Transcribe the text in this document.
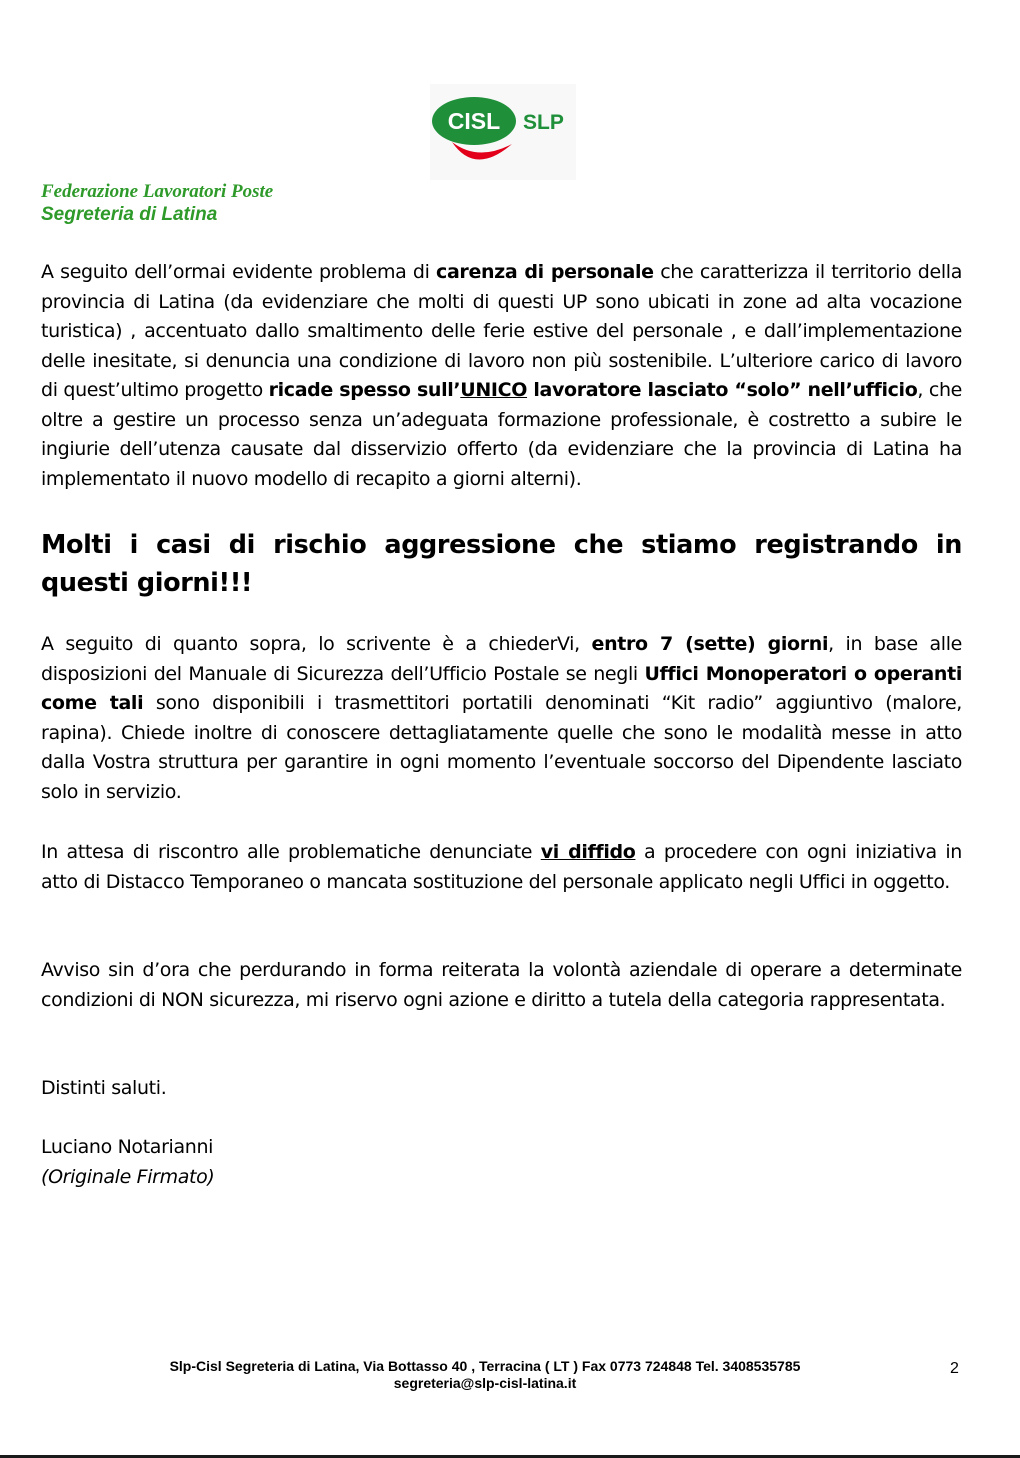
CISL SLP
Federazione Lavoratori Poste
Segreteria di Latina

A seguito dell’ormai evidente problema di carenza di personale che caratterizza il territorio della provincia di Latina (da evidenziare che molti di questi UP sono ubicati in zone ad alta vocazione turistica) , accentuato dallo smaltimento delle ferie estive del personale , e dall’implementazione delle inesitate, si denuncia una condizione di lavoro non più sostenibile. L’ulteriore carico di lavoro di quest’ultimo progetto ricade spesso sull’UNICO lavoratore lasciato “solo” nell’ufficio, che oltre a gestire un processo senza un’adeguata formazione professionale, è costretto a subire le ingiurie dell’utenza causate dal disservizio offerto (da evidenziare che la provincia di Latina ha implementato il nuovo modello di recapito a giorni alterni).

Molti i casi di rischio aggressione che stiamo registrando in questi giorni!!!

A seguito di quanto sopra, lo scrivente è a chiederVi, entro 7 (sette) giorni, in base alle disposizioni del Manuale di Sicurezza dell’Ufficio Postale se negli Uffici Monoperatori o operanti come tali sono disponibili i trasmettitori portatili denominati “Kit radio” aggiuntivo (malore, rapina). Chiede inoltre di conoscere dettagliatamente quelle che sono le modalità messe in atto dalla Vostra struttura per garantire in ogni momento l’eventuale soccorso del Dipendente lasciato solo in servizio.

In attesa di riscontro alle problematiche denunciate vi diffido a procedere con ogni iniziativa in atto di Distacco Temporaneo o mancata sostituzione del personale applicato negli Uffici in oggetto.

Avviso sin d’ora che perdurando in forma reiterata la volontà aziendale di operare a determinate condizioni di NON sicurezza, mi riservo ogni azione e diritto a tutela della categoria rappresentata.

Distinti saluti.

Luciano Notarianni

(Originale Firmato)

Slp-Cisl Segreteria di Latina, Via Bottasso 40 , Terracina ( LT ) Fax 0773 724848 Tel. 3408535785
segreteria@slp-cisl-latina.it
2
